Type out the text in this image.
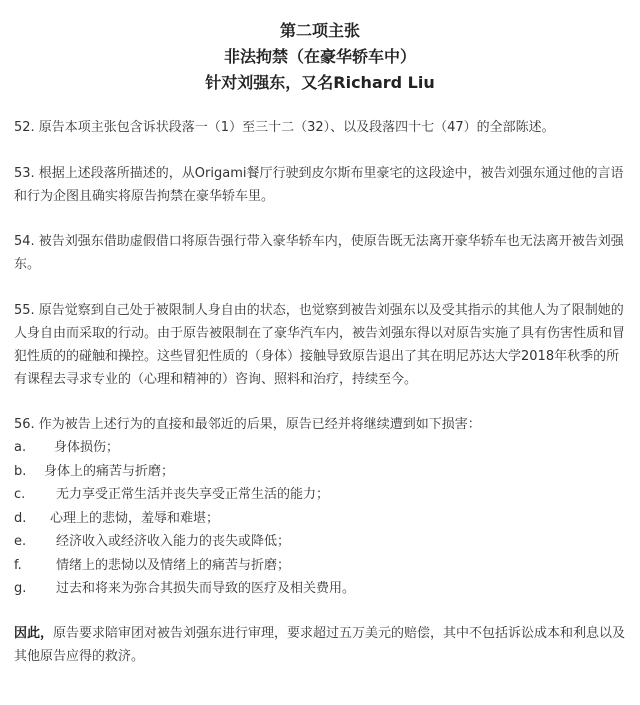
第二项主张
非法拘禁（在豪华轿车中）
针对刘强东，又名Richard Liu

52. 原告本项主张包含诉状段落一（1）至三十二（32）、以及段落四十七（47）的全部陈述。

53. 根据上述段落所描述的，从Origami餐厅行驶到皮尔斯布里豪宅的这段途中，被告刘强东通过他的言语和行为企图且确实将原告拘禁在豪华轿车里。

54. 被告刘强东借助虚假借口将原告强行带入豪华轿车内，使原告既无法离开豪华轿车也无法离开被告刘强东。

55. 原告觉察到自己处于被限制人身自由的状态，也觉察到被告刘强东以及受其指示的其他人为了限制她的人身自由而采取的行动。由于原告被限制在了豪华汽车内，被告刘强东得以对原告实施了具有伤害性质和冒犯性质的的碰触和操控。这些冒犯性质的（身体）接触导致原告退出了其在明尼苏达大学2018年秋季的所有课程去寻求专业的（心理和精神的）咨询、照料和治疗，持续至今。

56. 作为被告上述行为的直接和最邻近的后果，原告已经并将继续遭到如下损害：

a.	身体损伤；
b.	身体上的痛苦与折磨；
c.	无力享受正常生活并丧失享受正常生活的能力；
d.	心理上的悲恸，羞辱和难堪；
e.	经济收入或经济收入能力的丧失或降低；
f.	情绪上的悲恸以及情绪上的痛苦与折磨；
g.	过去和将来为弥合其损失而导致的医疗及相关费用。

因此，原告要求陪审团对被告刘强东进行审理，要求超过五万美元的赔偿，其中不包括诉讼成本和利息以及其他原告应得的救济。
